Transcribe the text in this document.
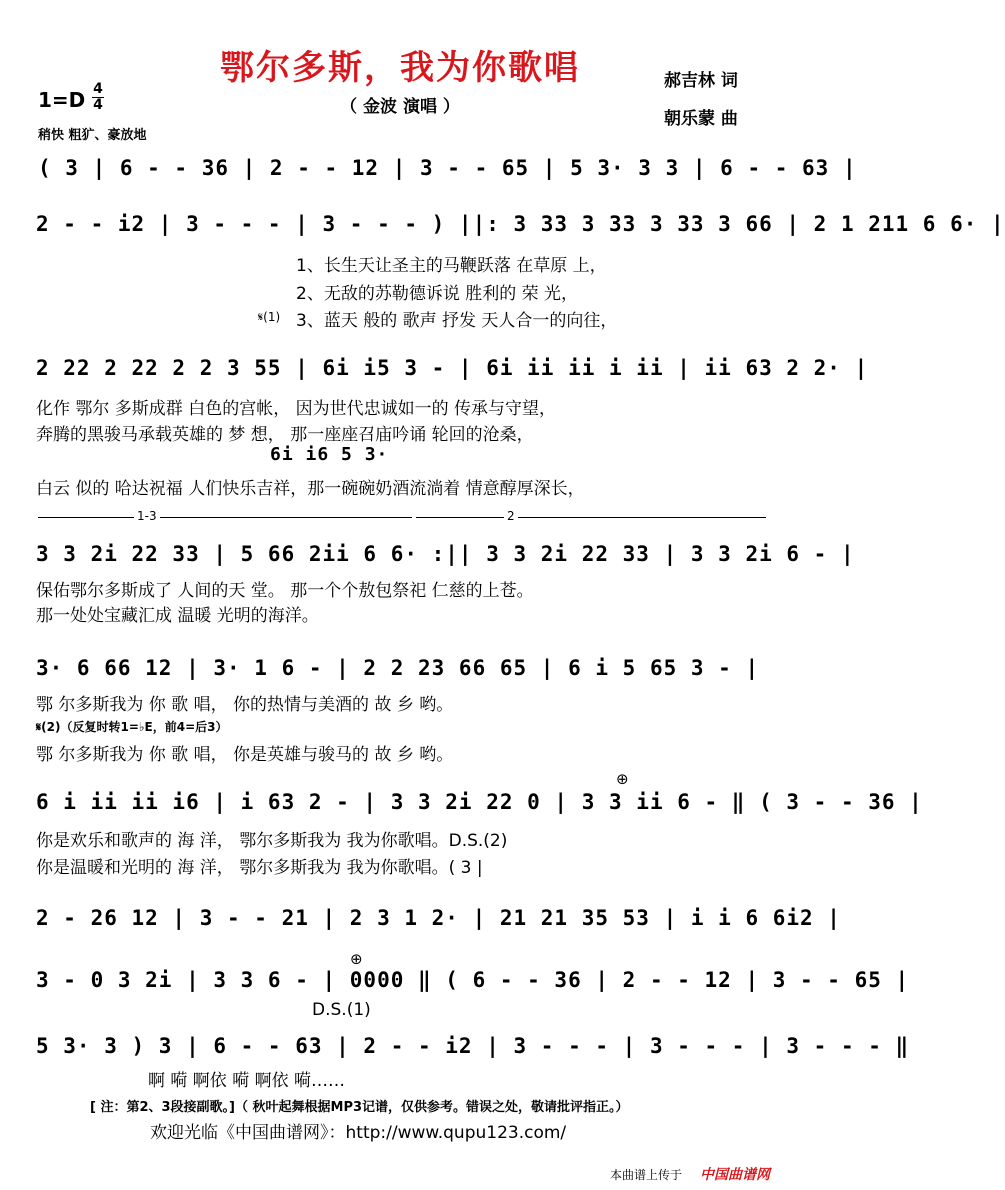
鄂尔多斯，我为你歌唱
（ 金波 演唱 ）
郝吉林 词
朝乐蒙 曲
1=D 4
4
稍快 粗犷、豪放地
( 3 | 6 - - 36 | 2 - - 12 | 3 - - 65 | 5 3· 3 3 | 6 - - 63 |
2 - - i2 | 3 - - - | 3 - - - ) ||: 3 33 3 33 3 33 3 66 | 2 1 211 6 6· |
1、长生天让圣主的马鞭跃落 在草原 上，
2、无敌的苏勒德诉说 胜利的 荣 光，
𝄋(1) 3、蓝天 般的 歌声 抒发 天人合一的向往，
2 22 2 22 2 2 3 55 | 6i i5 3 - | 6i ii ii i ii | ii 63 2 2· |
化作 鄂尔 多斯成群 白色的宫帐， 因为世代忠诚如一的 传承与守望，
奔腾的黑骏马承载英雄的 梦 想， 那一座座召庙吟诵 轮回的沧桑，
6i i6 5 3·
白云 似的 哈达祝福 人们快乐吉祥，那一碗碗奶酒流淌着 情意醇厚深长，
1-3	2
3 3 2i 22 33 | 5 66 2ii 6 6· :|| 3 3 2i 22 33 | 3 3 2i 6 - |
保佑鄂尔多斯成了 人间的天 堂。 那一个个敖包祭祀 仁慈的上苍。
那一处处宝藏汇成 温暖 光明的海洋。
3· 6 66 12 | 3· 1 6 - | 2 2 23 66 65 | 6 i 5 65 3 - |
鄂 尔多斯我为 你 歌 唱， 你的热情与美酒的 故 乡 哟。
𝄋(2)（反复时转1=♭E，前4=后3）
鄂 尔多斯我为 你 歌 唱， 你是英雄与骏马的 故 乡 哟。
⊕
6 i ii ii i6 | i 63 2 - | 3 3 2i 22 0 | 3 3 ii 6 - ‖ ( 3 - - 36 |
你是欢乐和歌声的 海 洋， 鄂尔多斯我为 我为你歌唱。D.S.(2)
你是温暖和光明的 海 洋， 鄂尔多斯我为 我为你歌唱。( 3 |
2 - 26 12 | 3 - - 21 | 2 3 1 2· | 21 21 35 53 | i i 6 6i2 |
⊕
3 - 0 3 2i | 3 3 6 - | 0000 ‖ ( 6 - - 36 | 2 - - 12 | 3 - - 65 |
D.S.(1)
5 3· 3 ) 3 | 6 - - 63 | 2 - - i2 | 3 - - - | 3 - - - | 3 - - - ‖
啊 嗬 啊依 嗬 啊依 嗬……
[ 注：第2、3段接副歌。]（ 秋叶起舞根据MP3记谱，仅供参考。错误之处，敬请批评指正。）
欢迎光临《中国曲谱网》：http://www.qupu123.com/
本曲谱上传于 中国曲谱网
